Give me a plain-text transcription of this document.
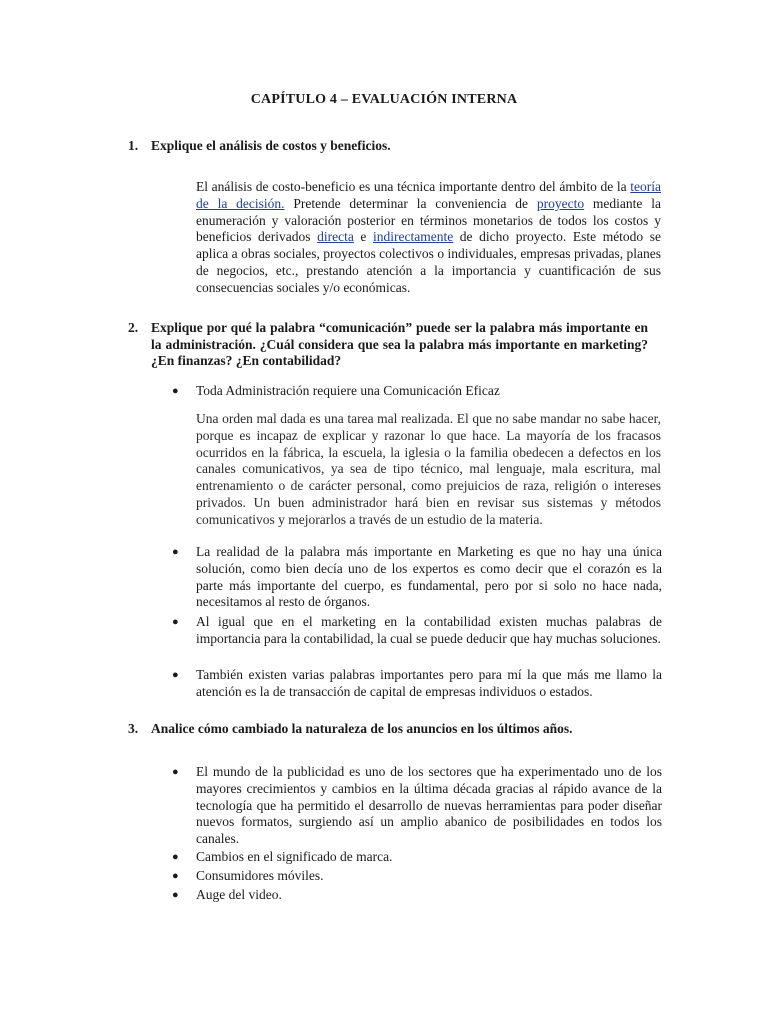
CAPÍTULO 4 – EVALUACIÓN INTERNA
1. Explique el análisis de costos y beneficios.
El análisis de costo-beneficio es una técnica importante dentro del ámbito de la teoría de la decisión. Pretende determinar la conveniencia de proyecto mediante la enumeración y valoración posterior en términos monetarios de todos los costos y beneficios derivados directa e indirectamente de dicho proyecto. Este método se aplica a obras sociales, proyectos colectivos o individuales, empresas privadas, planes de negocios, etc., prestando atención a la importancia y cuantificación de sus consecuencias sociales y/o económicas.
2. Explique por qué la palabra “comunicación” puede ser la palabra más importante en la administración. ¿Cuál considera que sea la palabra más importante en marketing? ¿En finanzas? ¿En contabilidad?
● Toda Administración requiere una Comunicación Eficaz
Una orden mal dada es una tarea mal realizada. El que no sabe mandar no sabe hacer, porque es incapaz de explicar y razonar lo que hace. La mayoría de los fracasos ocurridos en la fábrica, la escuela, la iglesia o la familia obedecen a defectos en los canales comunicativos, ya sea de tipo técnico, mal lenguaje, mala escritura, mal entrenamiento o de carácter personal, como prejuicios de raza, religión o intereses privados. Un buen administrador hará bien en revisar sus sistemas y métodos comunicativos y mejorarlos a través de un estudio de la materia.
● La realidad de la palabra más importante en Marketing es que no hay una única solución, como bien decía uno de los expertos es como decir que el corazón es la parte más importante del cuerpo, es fundamental, pero por si solo no hace nada, necesitamos al resto de órganos.
● Al igual que en el marketing en la contabilidad existen muchas palabras de importancia para la contabilidad, la cual se puede deducir que hay muchas soluciones.
● También existen varias palabras importantes pero para mí la que más me llamo la atención es la de transacción de capital de empresas individuos o estados.
3. Analice cómo cambiado la naturaleza de los anuncios en los últimos años.
● El mundo de la publicidad es uno de los sectores que ha experimentado uno de los mayores crecimientos y cambios en la última década gracias al rápido avance de la tecnología que ha permitido el desarrollo de nuevas herramientas para poder diseñar nuevos formatos, surgiendo así un amplio abanico de posibilidades en todos los canales.
● Cambios en el significado de marca.
● Consumidores móviles.
● Auge del video.
